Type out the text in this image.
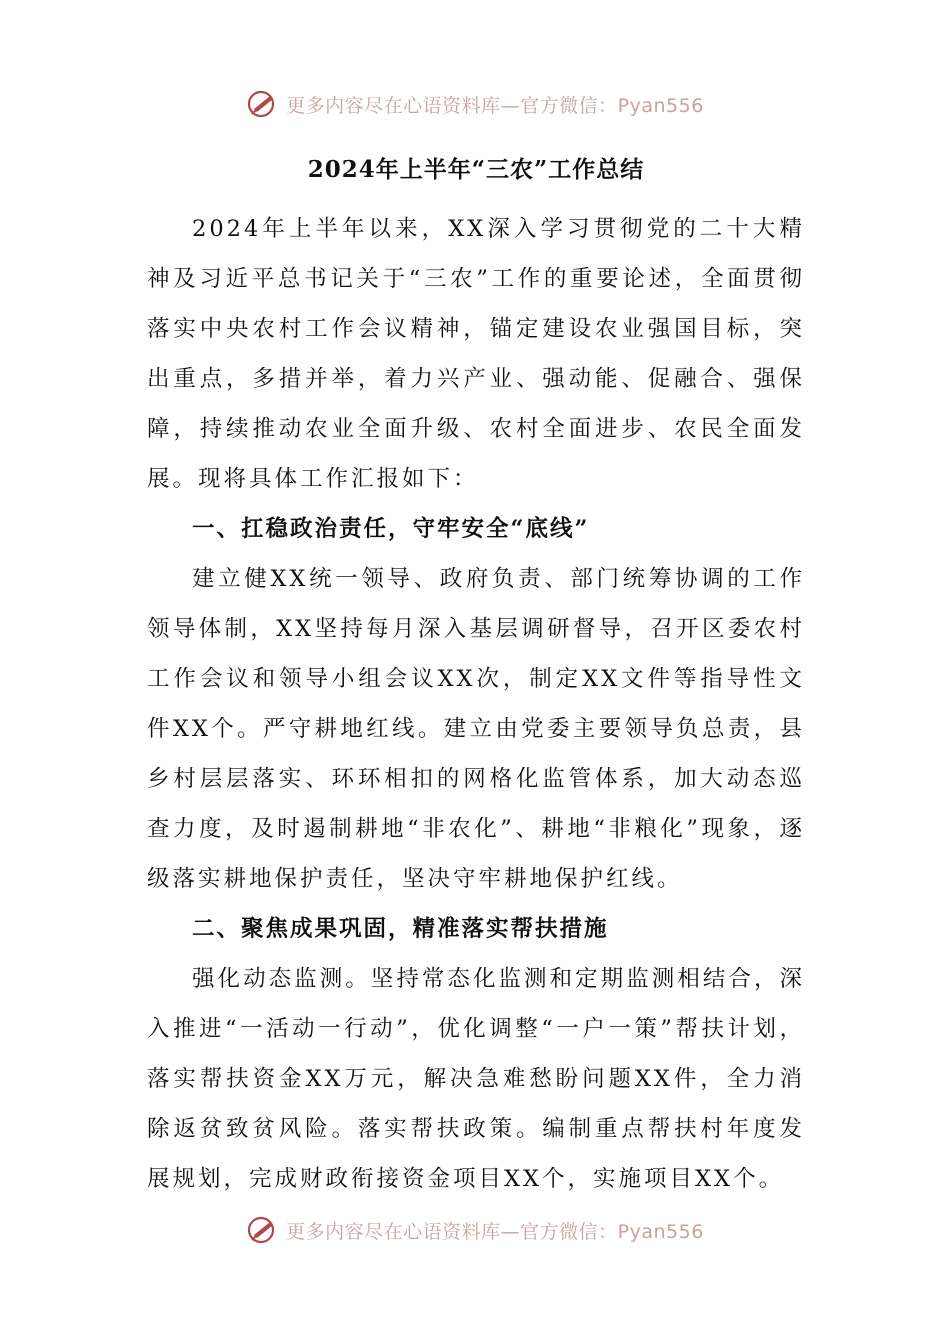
更多内容尽在心语资料库—官方微信：Pyan556
2024年上半年“三农”工作总结

2024年上半年以来，XX深入学习贯彻党的二十大精神及习近平总书记关于“三农”工作的重要论述，全面贯彻落实中央农村工作会议精神，锚定建设农业强国目标，突出重点，多措并举，着力兴产业、强动能、促融合、强保障，持续推动农业全面升级、农村全面进步、农民全面发展。现将具体工作汇报如下：

一、扛稳政治责任，守牢安全“底线”

建立健XX统一领导、政府负责、部门统筹协调的工作领导体制，XX坚持每月深入基层调研督导，召开区委农村工作会议和领导小组会议XX次，制定XX文件等指导性文件XX个。严守耕地红线。建立由党委主要领导负总责，县乡村层层落实、环环相扣的网格化监管体系，加大动态巡查力度，及时遏制耕地“非农化”、耕地“非粮化”现象，逐级落实耕地保护责任，坚决守牢耕地保护红线。

二、聚焦成果巩固，精准落实帮扶措施

强化动态监测。坚持常态化监测和定期监测相结合，深入推进“一活动一行动”，优化调整“一户一策”帮扶计划，落实帮扶资金XX万元，解决急难愁盼问题XX件，全力消除返贫致贫风险。落实帮扶政策。编制重点帮扶村年度发展规划，完成财政衔接资金项目XX个，实施项目XX个。

更多内容尽在心语资料库—官方微信：Pyan556
